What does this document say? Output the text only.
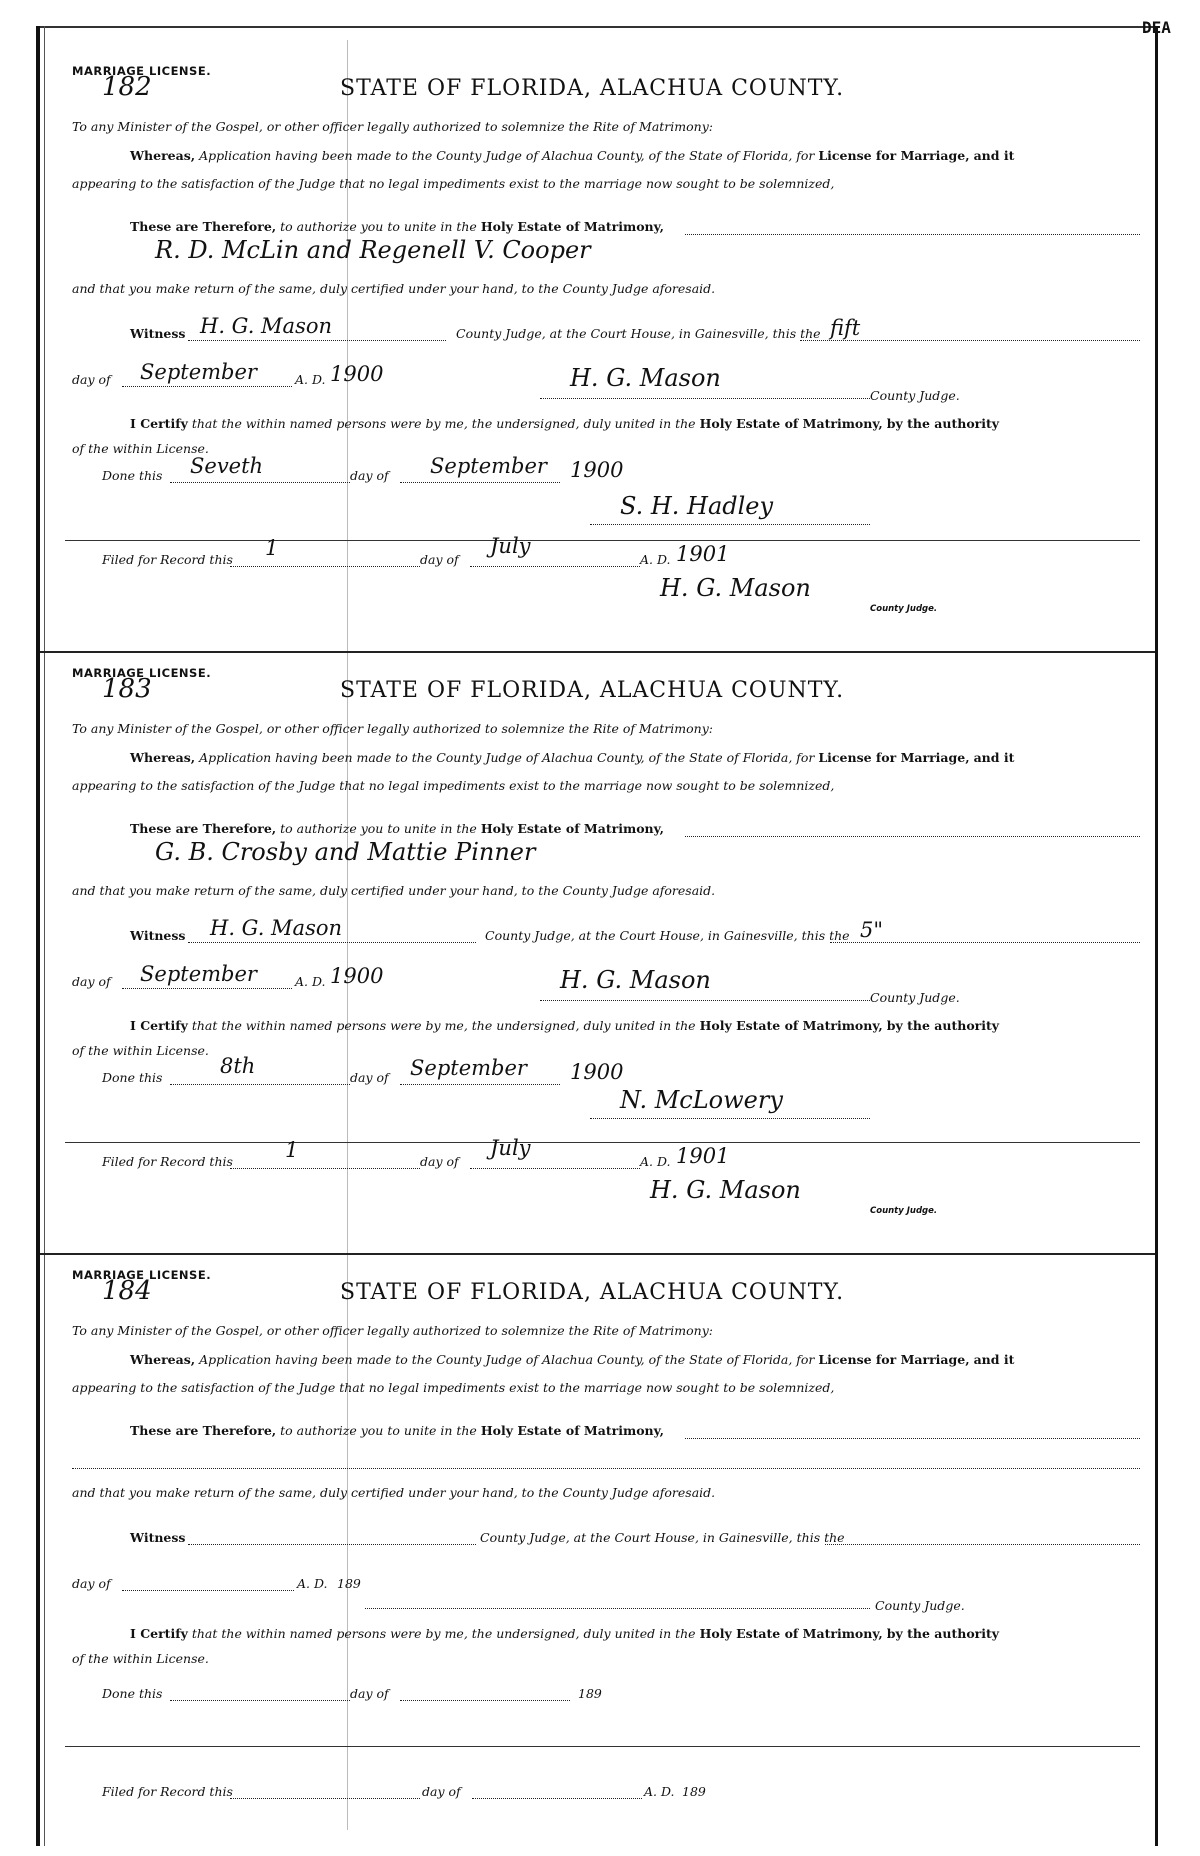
DEA
MARRIAGE LICENSE.
182	STATE OF FLORIDA, ALACHUA COUNTY.
To any Minister of the Gospel, or other officer legally authorized to solemnize the Rite of Matrimony:
Whereas, Application having been made to the County Judge of Alachua County, of the State of Florida, for License for Marriage, and it
appearing to the satisfaction of the Judge that no legal impediments exist to the marriage now sought to be solemnized,
These are Therefore, to authorize you to unite in the Holy Estate of Matrimony,
R. D. McLin and Regenell V. Cooper
and that you make return of the same, duly certified under your hand, to the County Judge aforesaid.
Witness H. G. Mason	County Judge, at the Court House, in Gainesville, this the fift
day of September	A. D. 1900	H. G. Mason
County Judge.
I Certify that the within named persons were by me, the undersigned, duly united in the Holy Estate of Matrimony, by the authority
of the within License.
Done this Seveth	day of September 1900
S. H. Hadley
Filed for Record this 1	day of
July
A. D. 1901
H. G. Mason
County Judge.
MARRIAGE LICENSE.
183	STATE OF FLORIDA, ALACHUA COUNTY.
To any Minister of the Gospel, or other officer legally authorized to solemnize the Rite of Matrimony:
Whereas, Application having been made to the County Judge of Alachua County, of the State of Florida, for License for Marriage, and it
appearing to the satisfaction of the Judge that no legal impediments exist to the marriage now sought to be solemnized,
These are Therefore, to authorize you to unite in the Holy Estate of Matrimony,
G. B. Crosby and Mattie Pinner
and that you make return of the same, duly certified under your hand, to the County Judge aforesaid.
Witness H. G. Mason	County Judge, at the Court House, in Gainesville, this the 5"
day of September	A. D. 1900	H. G. Mason
County Judge.
I Certify that the within named persons were by me, the undersigned, duly united in the Holy Estate of Matrimony, by the authority
of the within License.
Done this	8th	day of September 1900
N. McLowery
Filed for Record this 1	day of
July
A. D. 1901
H. G. Mason
County Judge.
MARRIAGE LICENSE.
184	STATE OF FLORIDA, ALACHUA COUNTY.
To any Minister of the Gospel, or other officer legally authorized to solemnize the Rite of Matrimony:
Whereas, Application having been made to the County Judge of Alachua County, of the State of Florida, for License for Marriage, and it
appearing to the satisfaction of the Judge that no legal impediments exist to the marriage now sought to be solemnized,
These are Therefore, to authorize you to unite in the Holy Estate of Matrimony,
and that you make return of the same, duly certified under your hand, to the County Judge aforesaid.
Witness	County Judge, at the Court House, in Gainesville, this the
day of	A. D. 189
County Judge.
I Certify that the within named persons were by me, the undersigned, duly united in the Holy Estate of Matrimony, by the authority
of the within License.
Done this	day of	189
Filed for Record this	day of	A. D. 189
